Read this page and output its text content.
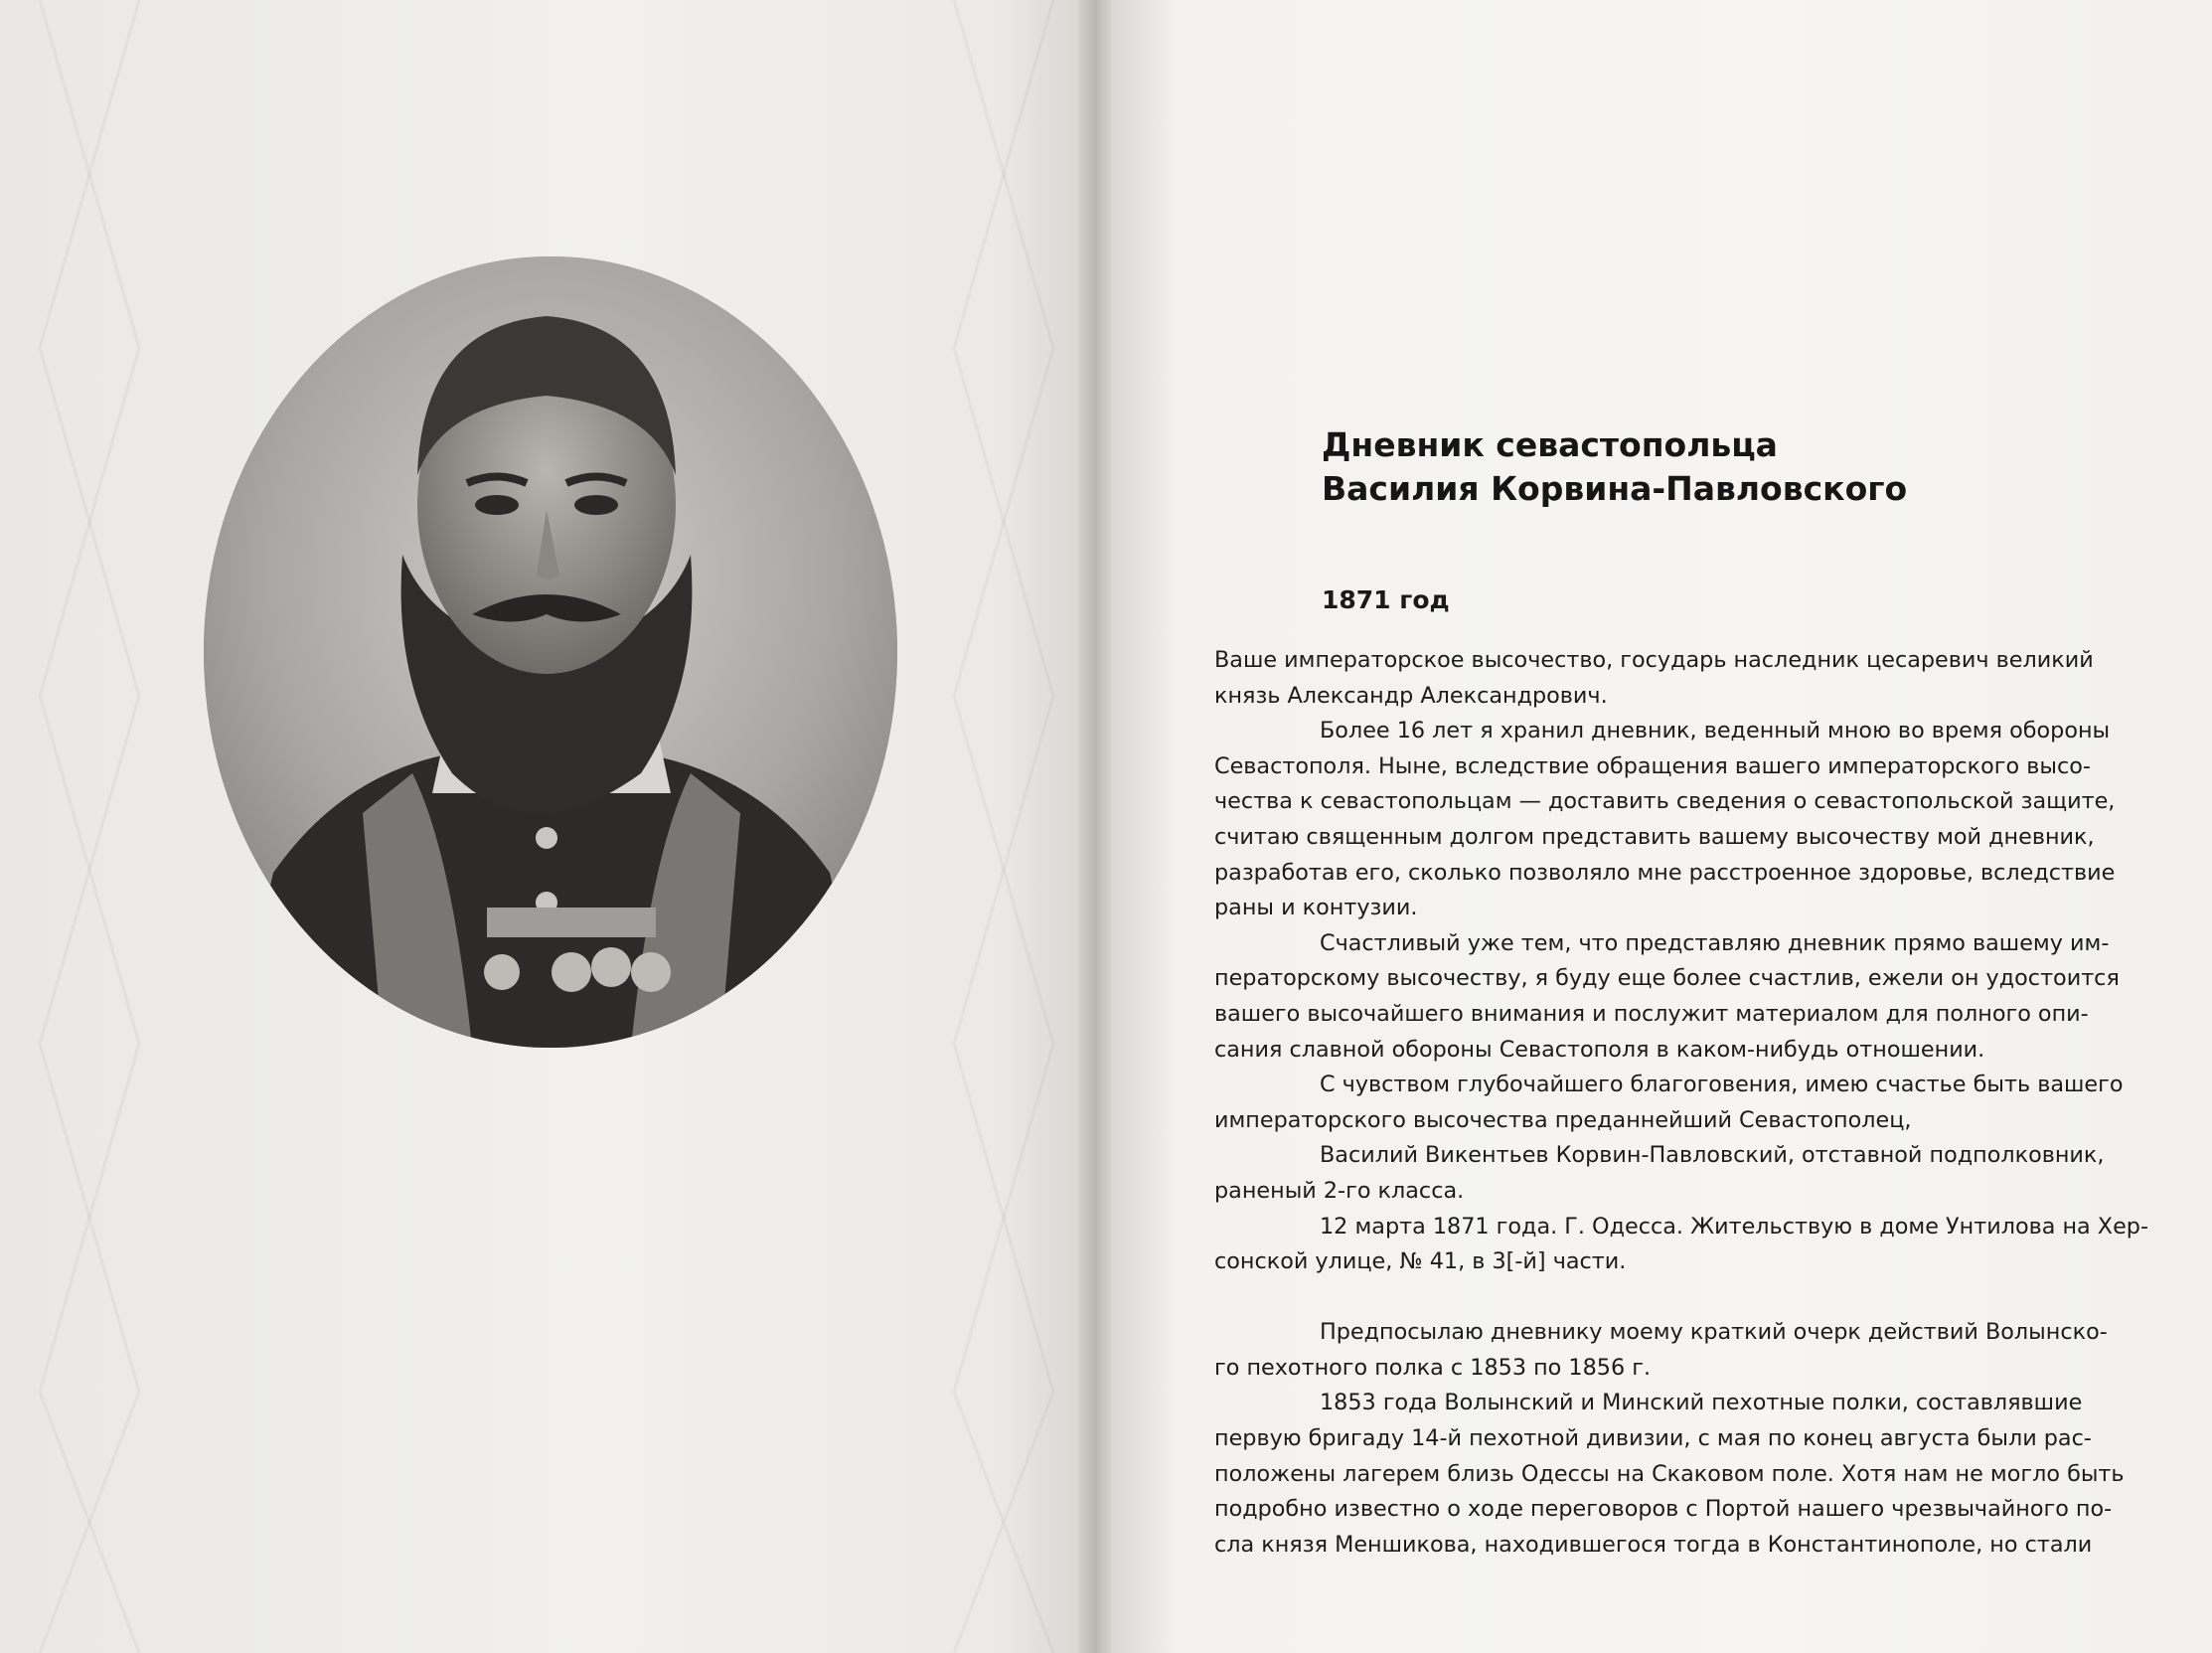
Дневник севастопольца
Василия Корвина-Павловского
1871 год
Ваше императорское высочество, государь наследник цесаревич великий
князь Александр Александрович.
Более 16 лет я хранил дневник, веденный мною во время обороны
Севастополя. Ныне, вследствие обращения вашего императорского высо-
чества к севастопольцам — доставить сведения о севастопольской защите,
считаю священным долгом представить вашему высочеству мой дневник,
разработав его, сколько позволяло мне расстроенное здоровье, вследствие
раны и контузии.
Счастливый уже тем, что представляю дневник прямо вашему им-
ператорскому высочеству, я буду еще более счастлив, ежели он удостоится
вашего высочайшего внимания и послужит материалом для полного опи-
сания славной обороны Севастополя в каком-нибудь отношении.
С чувством глубочайшего благоговения, имею счастье быть вашего
императорского высочества преданнейший Севастополец,
Василий Викентьев Корвин-Павловский, отставной подполковник,
раненый 2-го класса.
12 марта 1871 года. Г. Одесса. Жительствую в доме Унтилова на Хер-
сонской улице, № 41, в 3[-й] части.
Предпосылаю дневнику моему краткий очерк действий Волынско-
го пехотного полка с 1853 по 1856 г.
1853 года Волынский и Минский пехотные полки, составлявшие
первую бригаду 14-й пехотной дивизии, с мая по конец августа были рас-
положены лагерем близь Одессы на Скаковом поле. Хотя нам не могло быть
подробно известно о ходе переговоров с Портой нашего чрезвычайного по-
сла князя Меншикова, находившегося тогда в Константинополе, но стали
